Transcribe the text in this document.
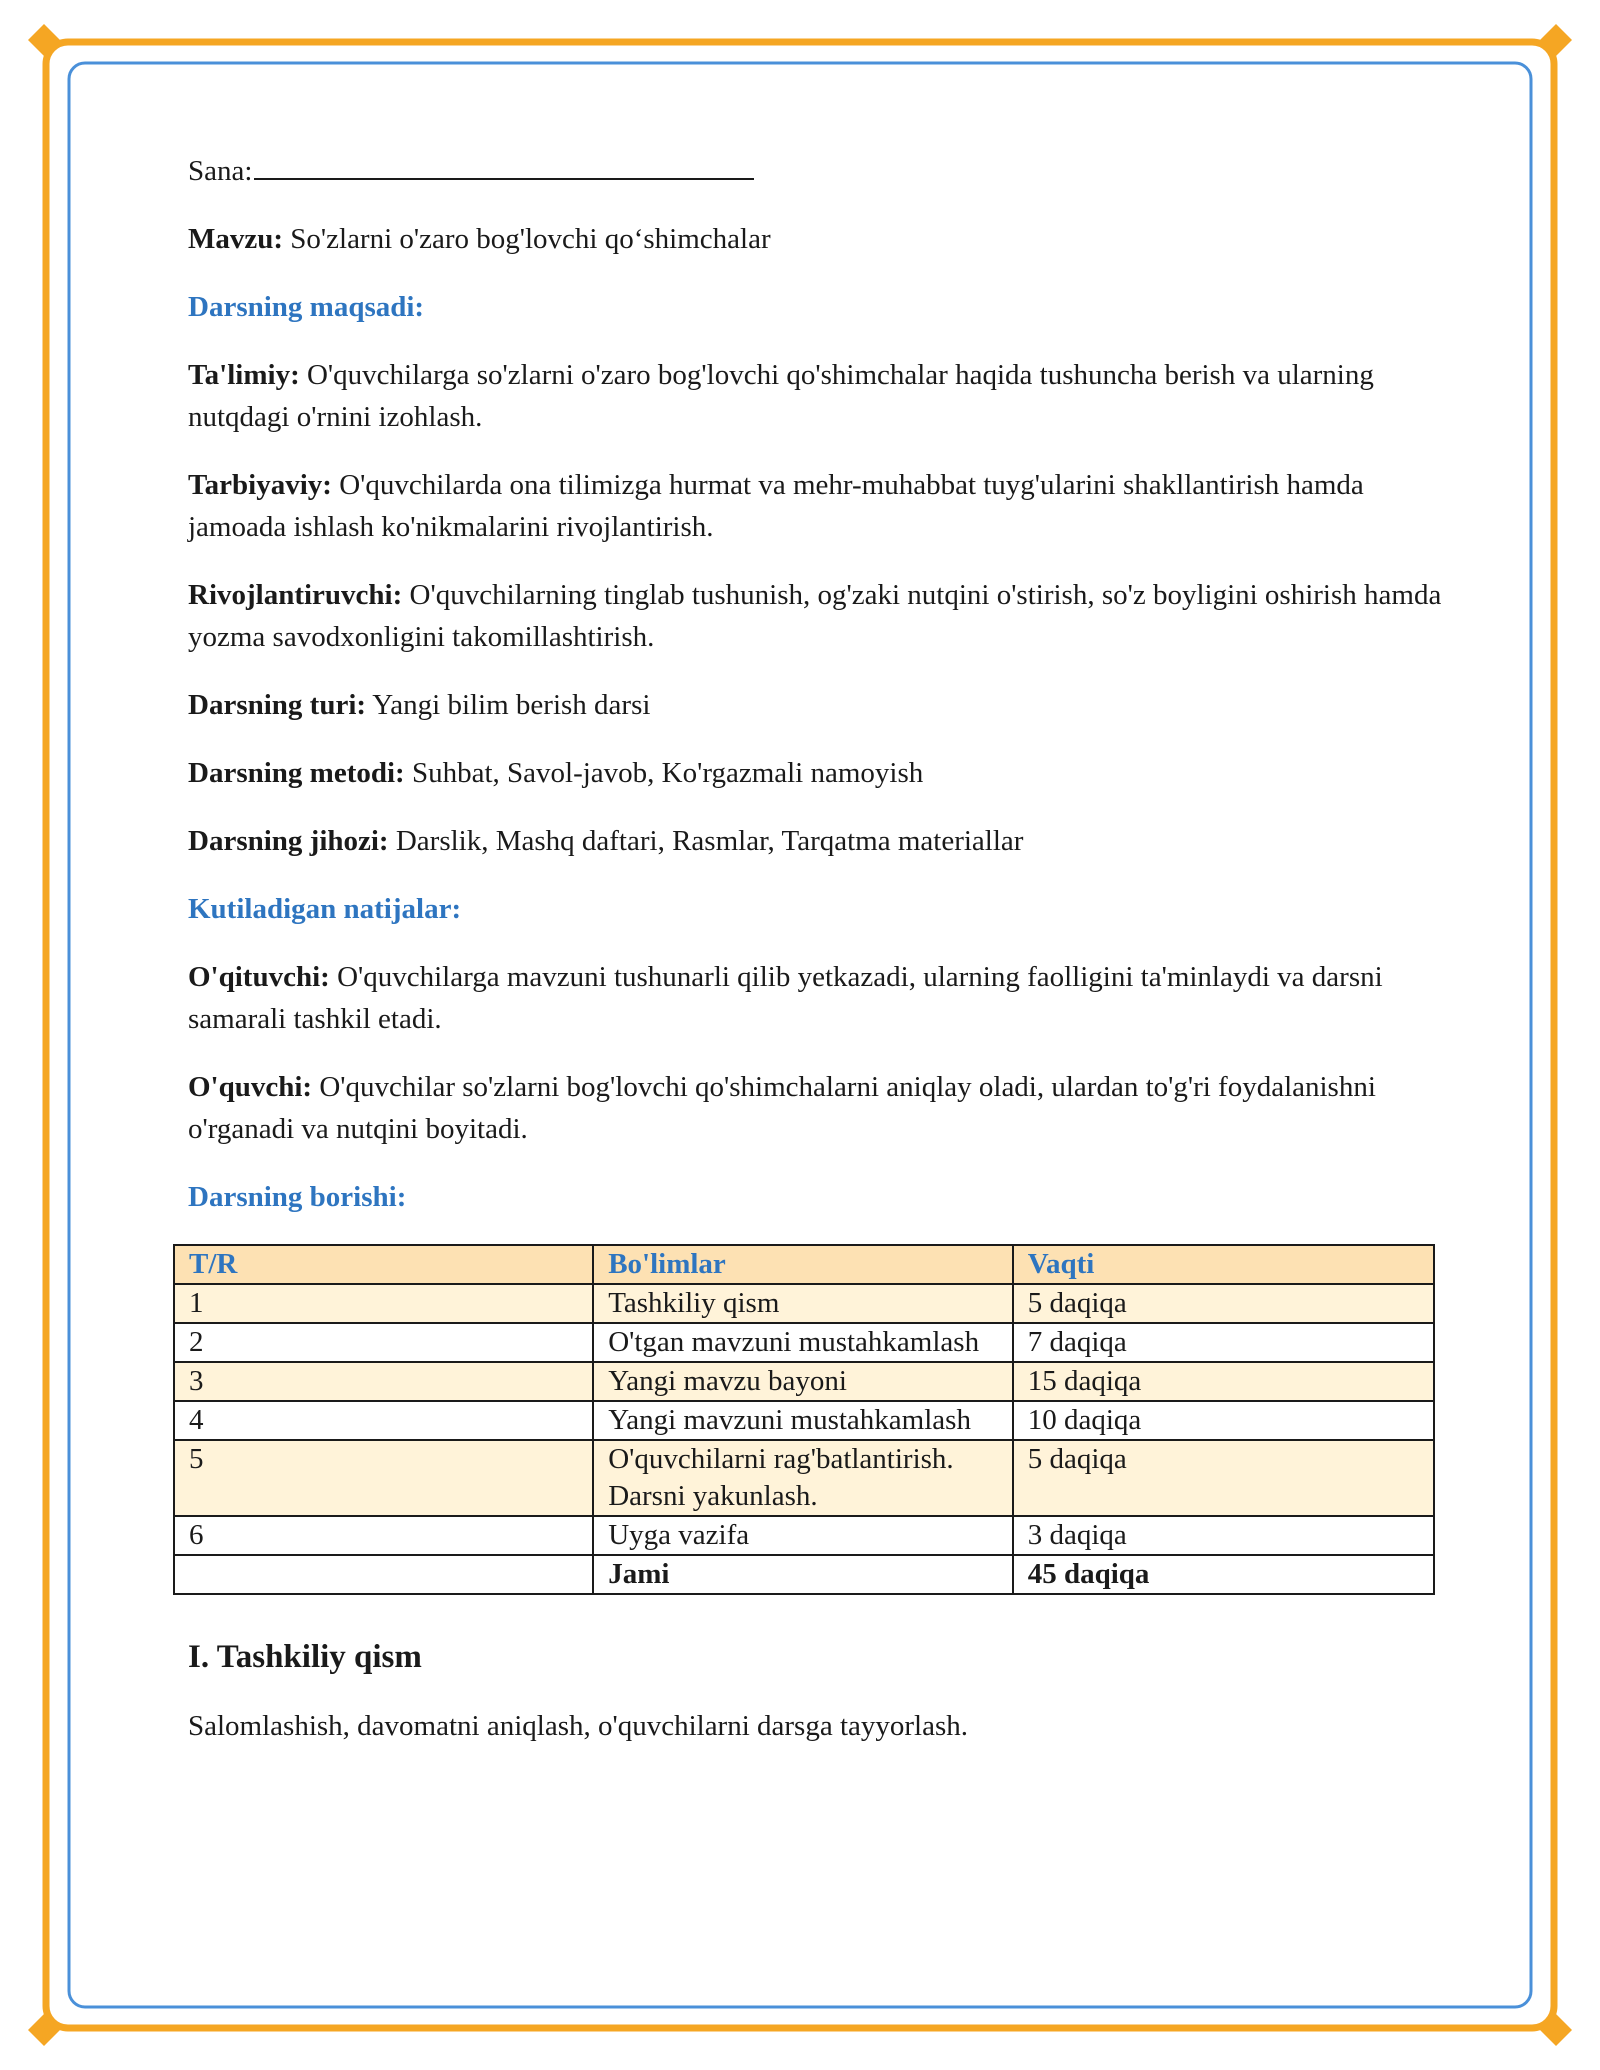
Sana:

Mavzu: So'zlarni o'zaro bog'lovchi qo‘shimchalar

Darsning maqsadi:

Ta'limiy: O'quvchilarga so'zlarni o'zaro bog'lovchi qo'shimchalar haqida tushuncha berish va ularning nutqdagi o'rnini izohlash.

Tarbiyaviy: O'quvchilarda ona tilimizga hurmat va mehr-muhabbat tuyg'ularini shakllantirish hamda jamoada ishlash ko'nikmalarini rivojlantirish.

Rivojlantiruvchi: O'quvchilarning tinglab tushunish, og'zaki nutqini o'stirish, so'z boyligini oshirish hamda yozma savodxonligini takomillashtirish.

Darsning turi: Yangi bilim berish darsi

Darsning metodi: Suhbat, Savol-javob, Ko'rgazmali namoyish

Darsning jihozi: Darslik, Mashq daftari, Rasmlar, Tarqatma materiallar

Kutiladigan natijalar:

O'qituvchi: O'quvchilarga mavzuni tushunarli qilib yetkazadi, ularning faolligini ta'minlaydi va darsni samarali tashkil etadi.

O'quvchi: O'quvchilar so'zlarni bog'lovchi qo'shimchalarni aniqlay oladi, ulardan to'g'ri foydalanishni o'rganadi va nutqini boyitadi.

Darsning borishi:

T/R	Bo'limlar	Vaqti
1	Tashkiliy qism	5 daqiqa
2	O'tgan mavzuni mustahkamlash	7 daqiqa
3	Yangi mavzu bayoni	15 daqiqa
4	Yangi mavzuni mustahkamlash	10 daqiqa
5	O'quvchilarni rag'batlantirish. Darsni yakunlash.	5 daqiqa
6	Uyga vazifa	3 daqiqa
	Jami	45 daqiqa
I. Tashkiliy qism

Salomlashish, davomatni aniqlash, o'quvchilarni darsga tayyorlash.
